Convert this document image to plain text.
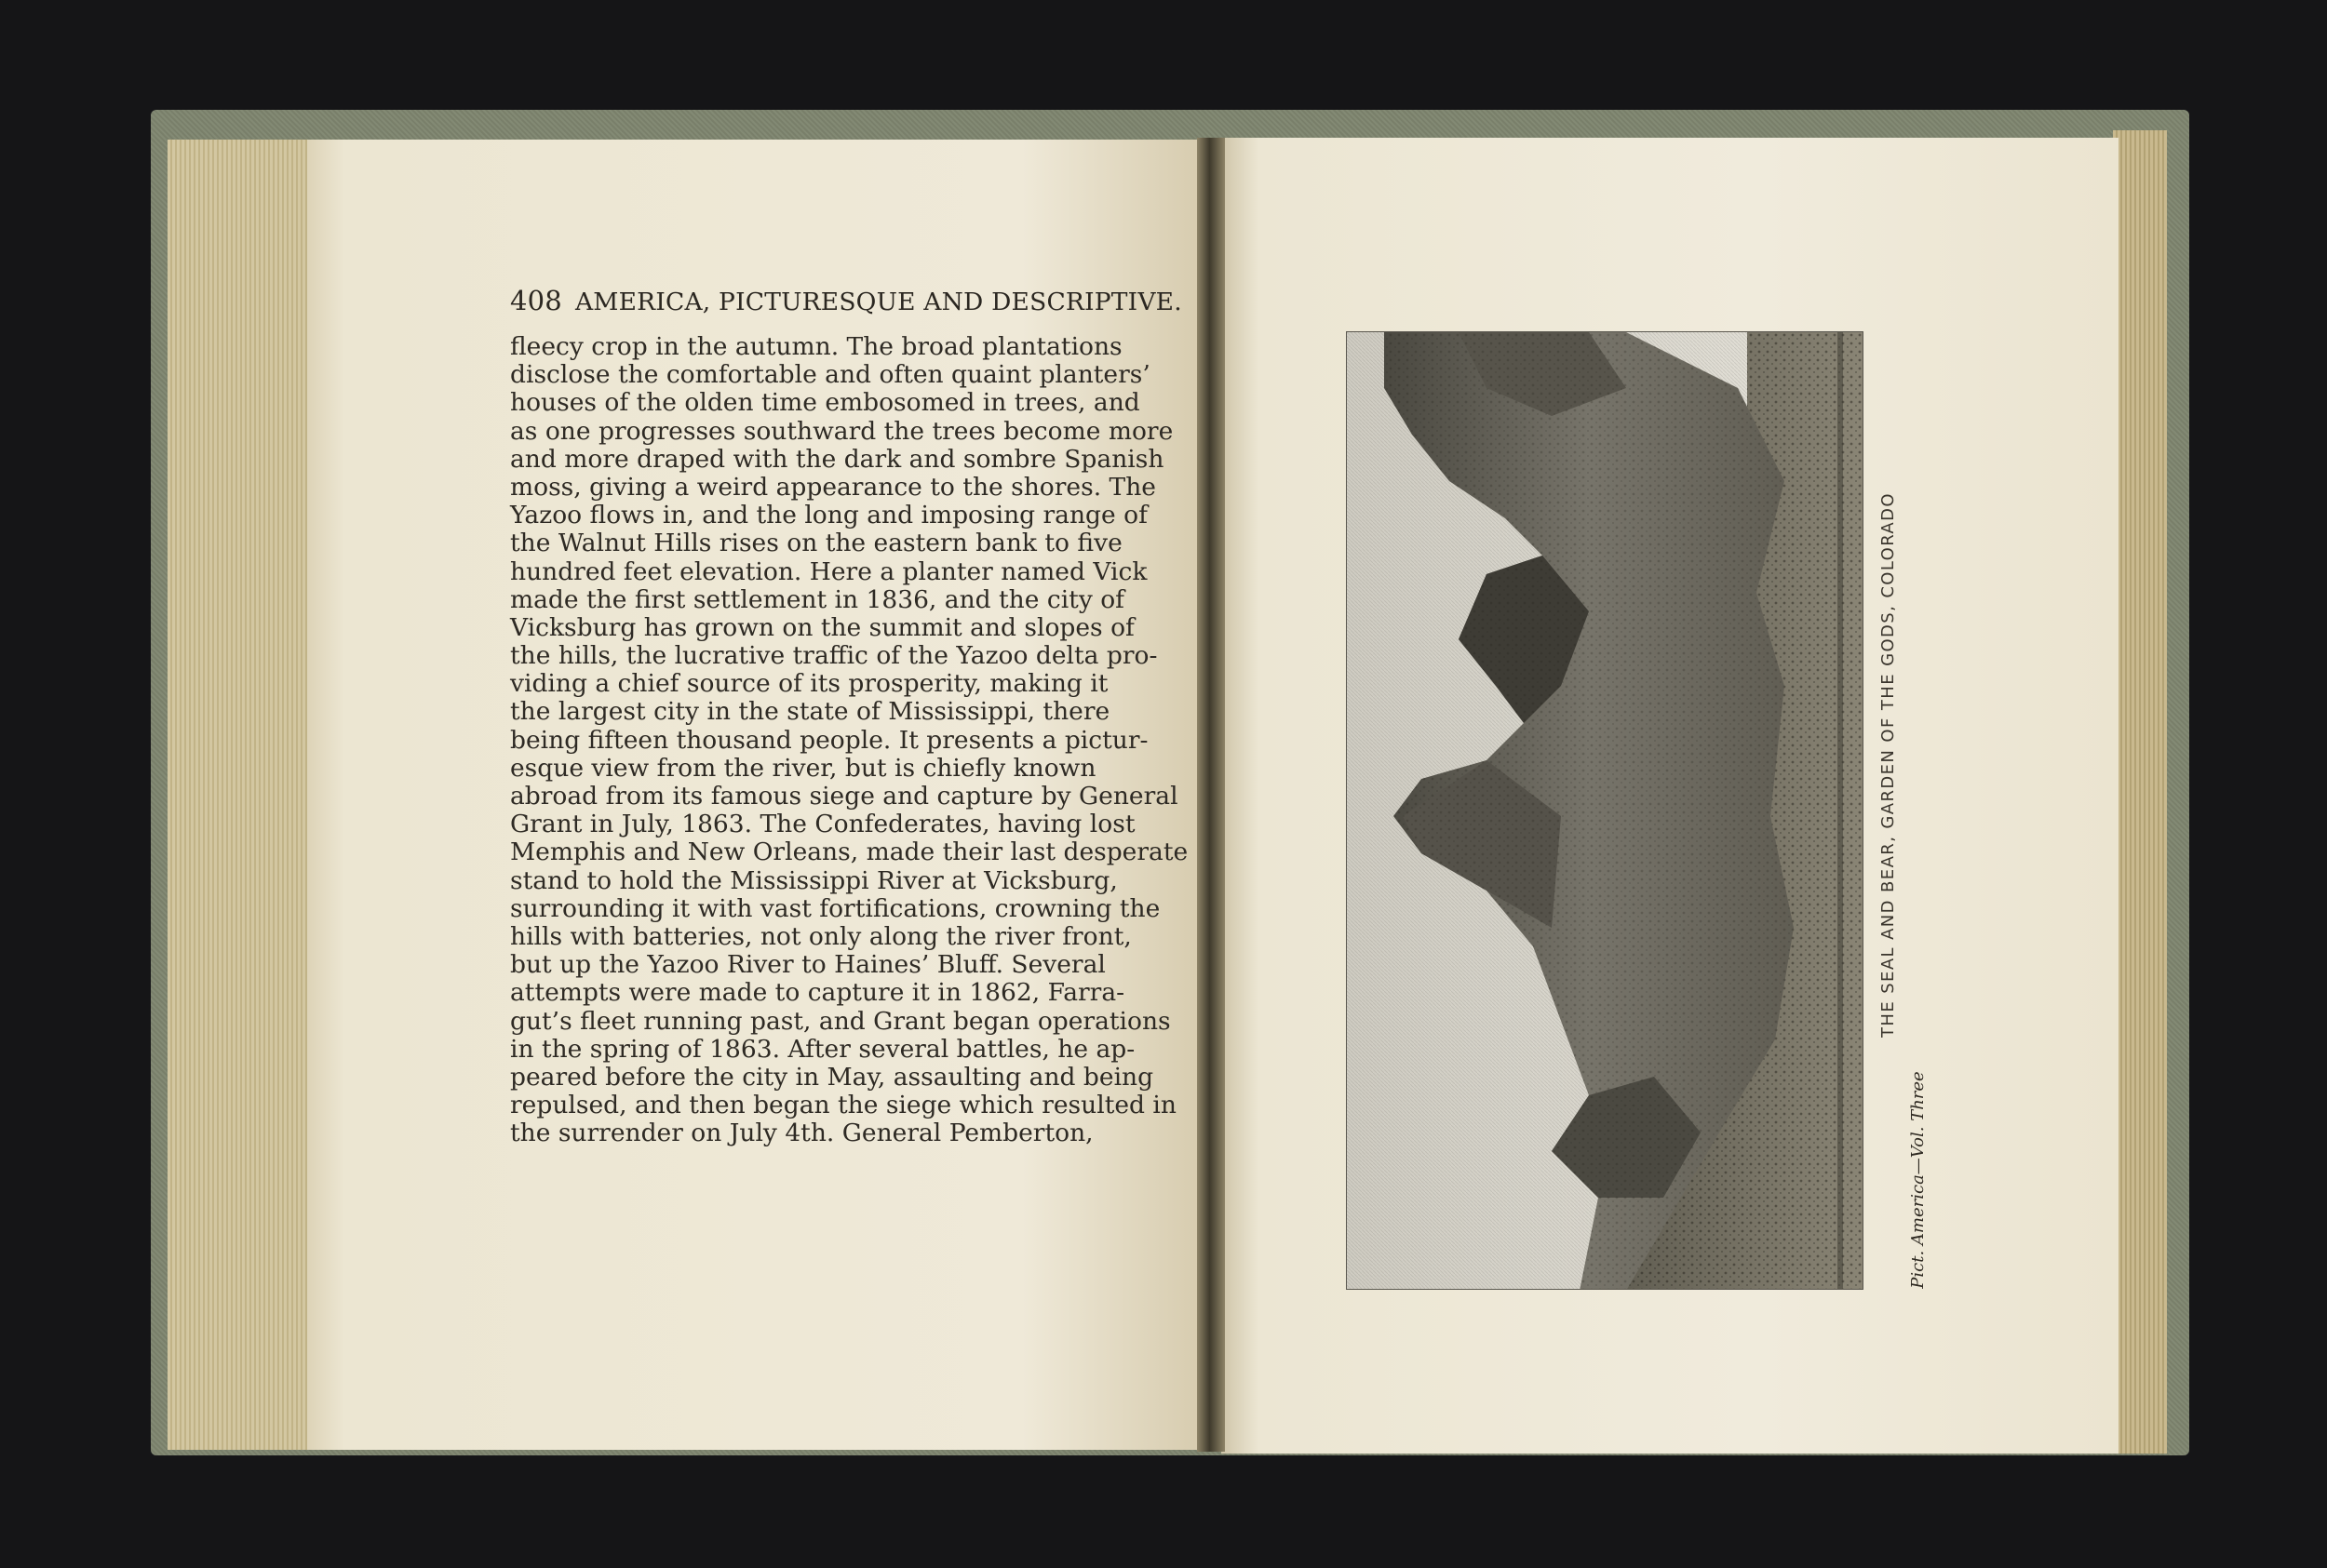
408 AMERICA, PICTURESQUE AND DESCRIPTIVE.
fleecy crop in the autumn. The broad plantations
disclose the comfortable and often quaint planters’
houses of the olden time embosomed in trees, and
as one progresses southward the trees become more
and more draped with the dark and sombre Spanish
moss, giving a weird appearance to the shores. The
Yazoo flows in, and the long and imposing range of
the Walnut Hills rises on the eastern bank to five
hundred feet elevation. Here a planter named Vick
made the first settlement in 1836, and the city of
Vicksburg has grown on the summit and slopes of
the hills, the lucrative traffic of the Yazoo delta pro-
viding a chief source of its prosperity, making it
the largest city in the state of Mississippi, there
being fifteen thousand people. It presents a pictur-
esque view from the river, but is chiefly known
abroad from its famous siege and capture by General
Grant in July, 1863. The Confederates, having lost
Memphis and New Orleans, made their last desperate
stand to hold the Mississippi River at Vicksburg,
surrounding it with vast fortifications, crowning the
hills with batteries, not only along the river front,
but up the Yazoo River to Haines’ Bluff. Several
attempts were made to capture it in 1862, Farra-
gut’s fleet running past, and Grant began operations
in the spring of 1863. After several battles, he ap-
peared before the city in May, assaulting and being
repulsed, and then began the siege which resulted in
the surrender on July 4th. General Pemberton,
THE SEAL AND BEAR, GARDEN OF THE GODS, COLORADO
Pict. America—Vol. Three
